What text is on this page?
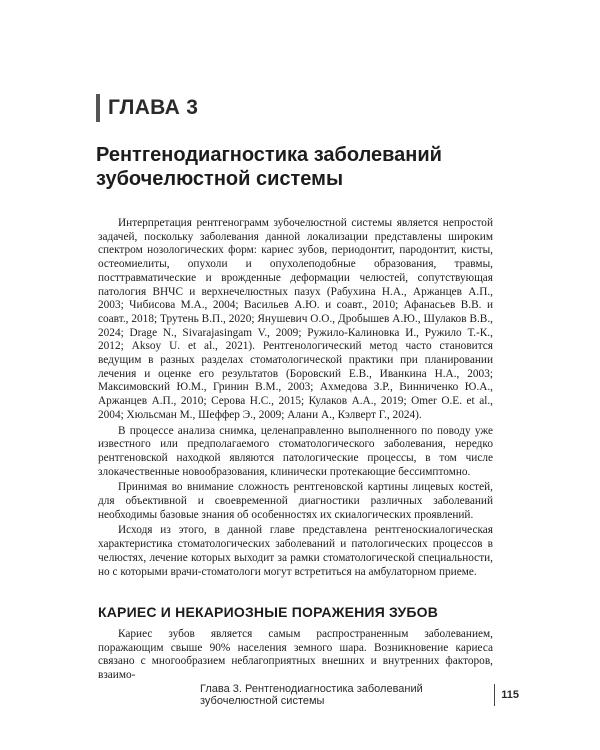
ГЛАВА 3
Рентгенодиагностика заболеваний зубочелюстной системы

Интерпретация рентгенограмм зубочелюстной системы является непростой задачей, поскольку заболевания данной локализации представлены широким спектром нозологических форм: кариес зубов, периодонтит, пародонтит, кисты, остеомиелиты, опухоли и опухолеподобные образования, травмы, посттравматические и врожденные деформации челюстей, сопутствующая патология ВНЧС и верхнечелюстных пазух (Рабухина Н.А., Аржанцев А.П., 2003; Чибисова М.А., 2004; Васильев А.Ю. и соавт., 2010; Афанасьев В.В. и соавт., 2018; Трутень В.П., 2020; Янушевич О.О., Дробышев А.Ю., Шулаков В.В., 2024; Drage N., Sivarajasingam V., 2009; Ружило-Калиновка И., Ружило Т.-К., 2012; Aksoy U. et al., 2021). Рентгенологический метод часто становится ведущим в разных разделах стоматологической практики при планировании лечения и оценке его результатов (Боровский Е.В., Иванкина Н.А., 2003; Максимовский Ю.М., Гринин В.М., 2003; Ахмедова З.Р., Винниченко Ю.А., Аржанцев А.П., 2010; Серова Н.С., 2015; Кулаков А.А., 2019; Omer O.E. et al., 2004; Хюльсман М., Шеффер Э., 2009; Алани А., Кэлверт Г., 2024).

В процессе анализа снимка, целенаправленно выполненного по поводу уже известного или предполагаемого стоматологического заболевания, нередко рентгеновской находкой являются патологические процессы, в том числе злокачественные новообразования, клинически протекающие бессимптомно.

Принимая во внимание сложность рентгеновской картины лицевых костей, для объективной и своевременной диагностики различных заболеваний необходимы базовые знания об особенностях их скиалогических проявлений.

Исходя из этого, в данной главе представлена рентгеноскиалогическая характеристика стоматологических заболеваний и патологических процессов в челюстях, лечение которых выходит за рамки стоматологической специальности, но с которыми врачи-стоматологи могут встретиться на амбулаторном приеме.

КАРИЕС И НЕКАРИОЗНЫЕ ПОРАЖЕНИЯ ЗУБОВ

Кариес зубов является самым распространенным заболеванием, поражающим свыше 90% населения земного шара. Возникновение кариеса связано с многообразием неблагоприятных внешних и внутренних факторов, взаимо-

Глава 3. Рентгенодиагностика заболеваний зубочелюстной системы	115
